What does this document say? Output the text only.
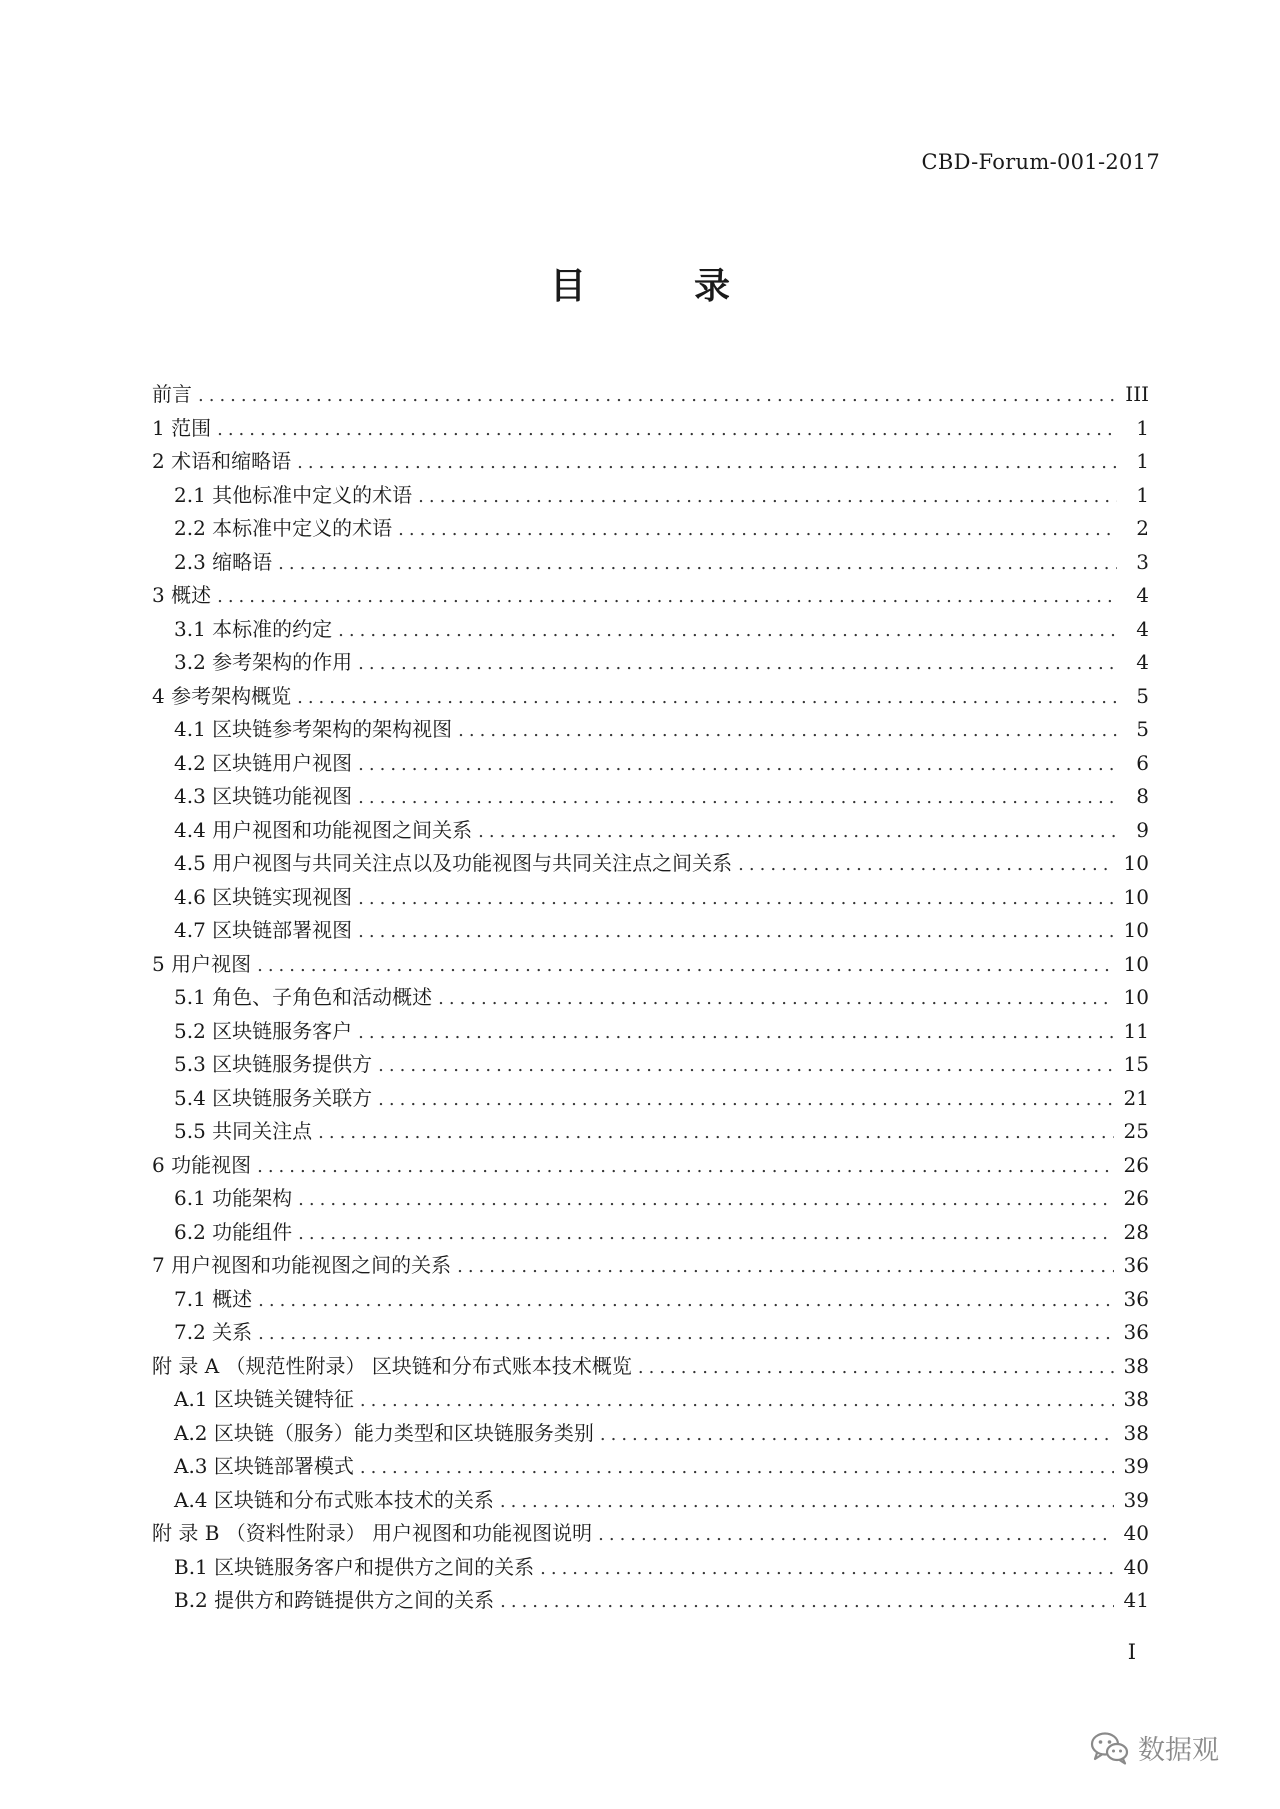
CBD-Forum-001-2017
目　录
前言 .....	III
1 范围 .....	1
2 术语和缩略语 .....	1
2.1 其他标准中定义的术语 .....	1
2.2 本标准中定义的术语 .....	2
2.3 缩略语 .....	3
3 概述 .....	4
3.1 本标准的约定 .....	4
3.2 参考架构的作用 .....	4
4 参考架构概览 .....	5
4.1 区块链参考架构的架构视图 .....	5
4.2 区块链用户视图 .....	6
4.3 区块链功能视图 .....	8
4.4 用户视图和功能视图之间关系 .....	9
4.5 用户视图与共同关注点以及功能视图与共同关注点之间关系 .....	10
4.6 区块链实现视图 .....	10
4.7 区块链部署视图 .....	10
5 用户视图 .....	10
5.1 角色、子角色和活动概述 .....	10
5.2 区块链服务客户 .....	11
5.3 区块链服务提供方 .....	15
5.4 区块链服务关联方 .....	21
5.5 共同关注点 .....	25
6 功能视图 .....	26
6.1 功能架构 .....	26
6.2 功能组件 .....	28
7 用户视图和功能视图之间的关系 .....	36
7.1 概述 .....	36
7.2 关系 .....	36
附 录 A （规范性附录） 区块链和分布式账本技术概览 .....	38
A.1 区块链关键特征 .....	38
A.2 区块链（服务）能力类型和区块链服务类别 .....	38
A.3 区块链部署模式 .....	39
A.4 区块链和分布式账本技术的关系 .....	39
附 录 B （资料性附录） 用户视图和功能视图说明 .....	40
B.1 区块链服务客户和提供方之间的关系 .....	40
B.2 提供方和跨链提供方之间的关系 .....	41
I
数据观
